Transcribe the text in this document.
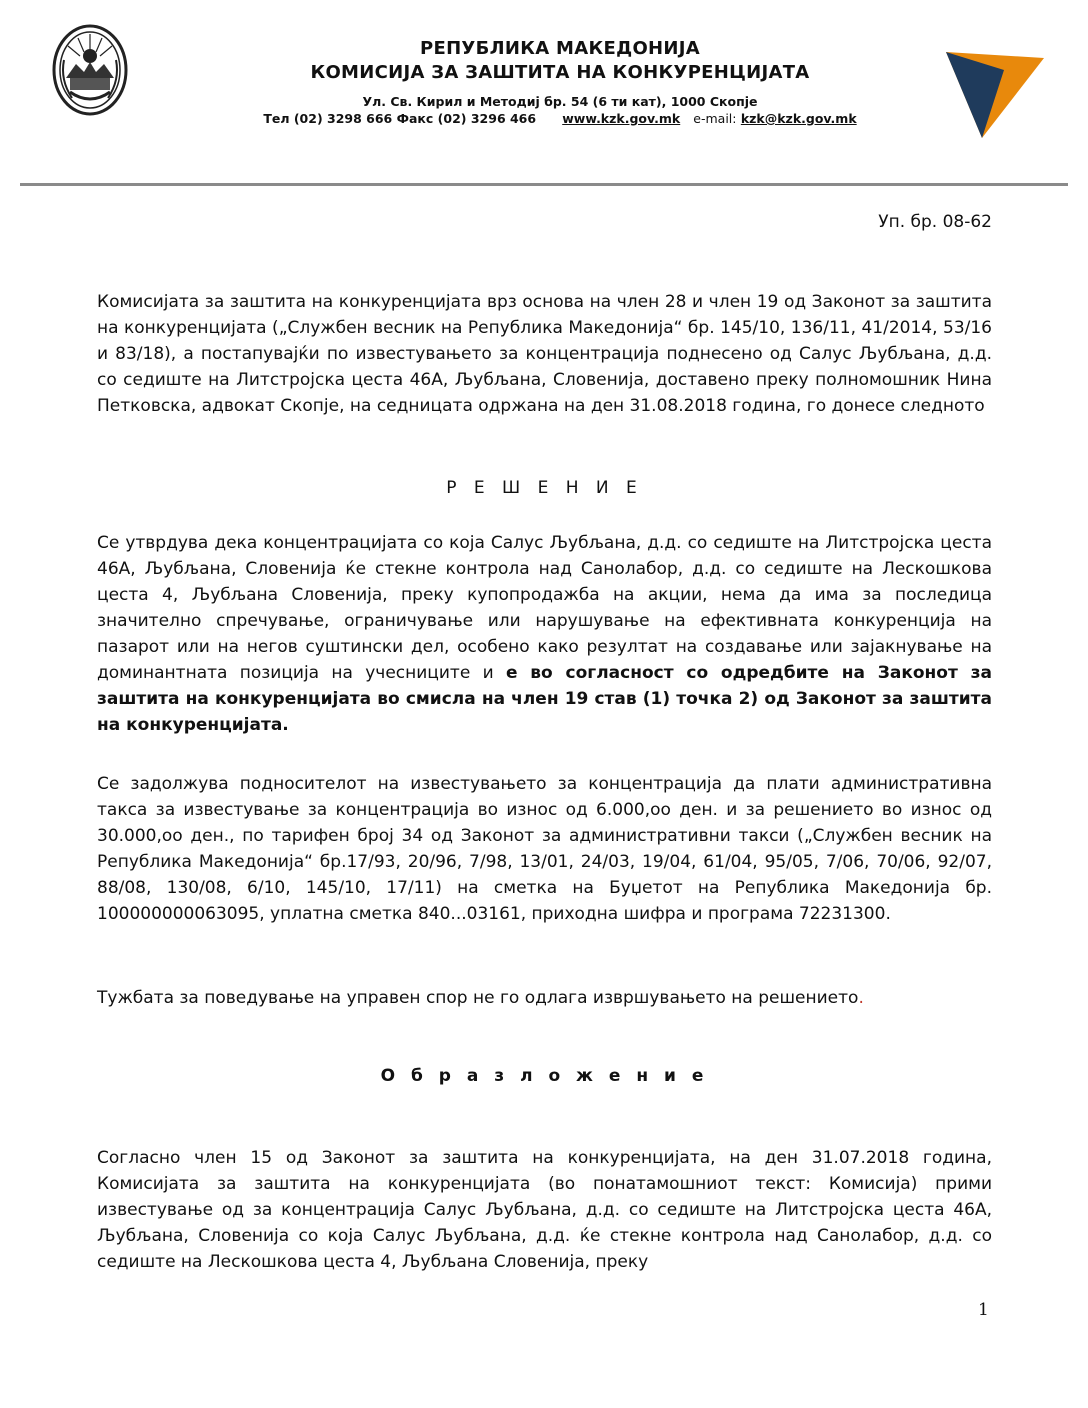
РЕПУБЛИКА МАКЕДОНИЈА
КОМИСИЈА ЗА ЗАШТИТА НА КОНКУРЕНЦИЈАТА
Ул. Св. Кирил и Методиј бр. 54 (6 ти кат), 1000 Скопје
Тел (02) 3298 666 Факс (02) 3296 466 www.kzk.gov.mk e-mail: kzk@kzk.gov.mk
Уп. бр. 08-62
Комисијата за заштита на конкуренцијата врз основа на член 28 и член 19 од Законот за заштита на конкуренцијата („Службен весник на Република Македонија“ бр. 145/10, 136/11, 41/2014, 53/16 и 83/18), а постапувајќи по известувањето за концентрација поднесено од Салус Љубљана, д.д. со седиште на Литстројска цеста 46А, Љубљана, Словенија, доставено преку полномошник Нина Петковска, адвокат Скопје, на седницата одржана на ден 31.08.2018 година, го донесе следното
Р Е Ш Е Н И Е
Се утврдува дека концентрацијата со која Салус Љубљана, д.д. со седиште на Литстројска цеста 46А, Љубљана, Словенија ќе стекне контрола над Санолабор, д.д. со седиште на Лескошкова цеста 4, Љубљана Словенија, преку купопродажба на акции, нема да има за последица значително спречување, ограничување или нарушување на ефективната конкуренција на пазарот или на негов суштински дел, особено како резултат на создавање или зајакнување на доминантната позиција на учесниците и е во согласност со одредбите на Законот за заштита на конкуренцијата во смисла на член 19 став (1) точка 2) од Законот за заштита на конкуренцијата.
Се задолжува подносителот на известувањето за концентрација да плати административна такса за известување за концентрација во износ од 6.000,оо ден. и за решението во износ од 30.000,оо ден., по тарифен број 34 од Законот за административни такси („Службен весник на Република Македонија“ бр.17/93, 20/96, 7/98, 13/01, 24/03, 19/04, 61/04, 95/05, 7/06, 70/06, 92/07, 88/08, 130/08, 6/10, 145/10, 17/11) на сметка на Буџетот на Република Македонија бр. 100000000063095, уплатна сметка 840...03161, приходна шифра и програма 72231300.
Тужбата за поведување на управен спор не го одлага извршувањето на решението.
О б р а з л о ж е н и е
Согласно член 15 од Законот за заштита на конкуренцијата, на ден 31.07.2018 година, Комисијата за заштита на конкуренцијата (во понатамошниот текст: Комисија) прими известување од за концентрација Салус Љубљана, д.д. со седиште на Литстројска цеста 46А, Љубљана, Словенија со која Салус Љубљана, д.д. ќе стекне контрола над Санолабор, д.д. со седиште на Лескошкова цеста 4, Љубљана Словенија, преку
1
